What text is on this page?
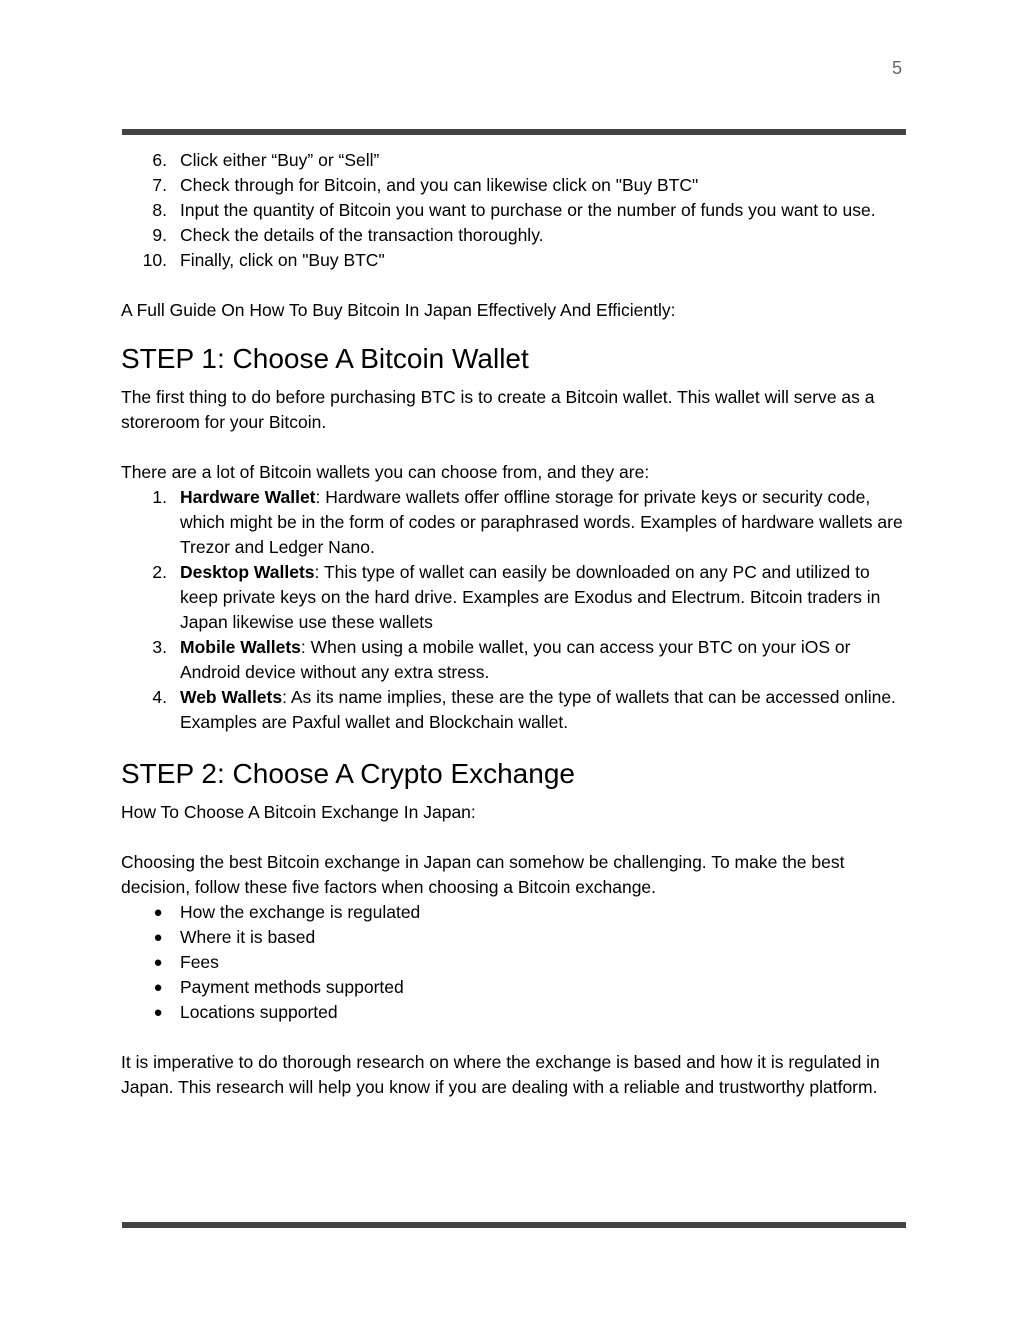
5
6. Click either “Buy” or “Sell”
7. Check through for Bitcoin, and you can likewise click on "Buy BTC"
8. Input the quantity of Bitcoin you want to purchase or the number of funds you want to use.
9. Check the details of the transaction thoroughly.
10. Finally, click on "Buy BTC"

A Full Guide On How To Buy Bitcoin In Japan Effectively And Efficiently:

STEP 1: Choose A Bitcoin Wallet

The first thing to do before purchasing BTC is to create a Bitcoin wallet. This wallet will serve as a storeroom for your Bitcoin.

There are a lot of Bitcoin wallets you can choose from, and they are:

1. Hardware Wallet: Hardware wallets offer offline storage for private keys or security code, which might be in the form of codes or paraphrased words. Examples of hardware wallets are Trezor and Ledger Nano.
2. Desktop Wallets: This type of wallet can easily be downloaded on any PC and utilized to keep private keys on the hard drive. Examples are Exodus and Electrum. Bitcoin traders in Japan likewise use these wallets
3. Mobile Wallets: When using a mobile wallet, you can access your BTC on your iOS or Android device without any extra stress.
4. Web Wallets: As its name implies, these are the type of wallets that can be accessed online. Examples are Paxful wallet and Blockchain wallet.
STEP 2: Choose A Crypto Exchange

How To Choose A Bitcoin Exchange In Japan:

Choosing the best Bitcoin exchange in Japan can somehow be challenging. To make the best decision, follow these five factors when choosing a Bitcoin exchange.

● How the exchange is regulated
● Where it is based
● Fees
● Payment methods supported
● Locations supported

It is imperative to do thorough research on where the exchange is based and how it is regulated in Japan. This research will help you know if you are dealing with a reliable and trustworthy platform.
